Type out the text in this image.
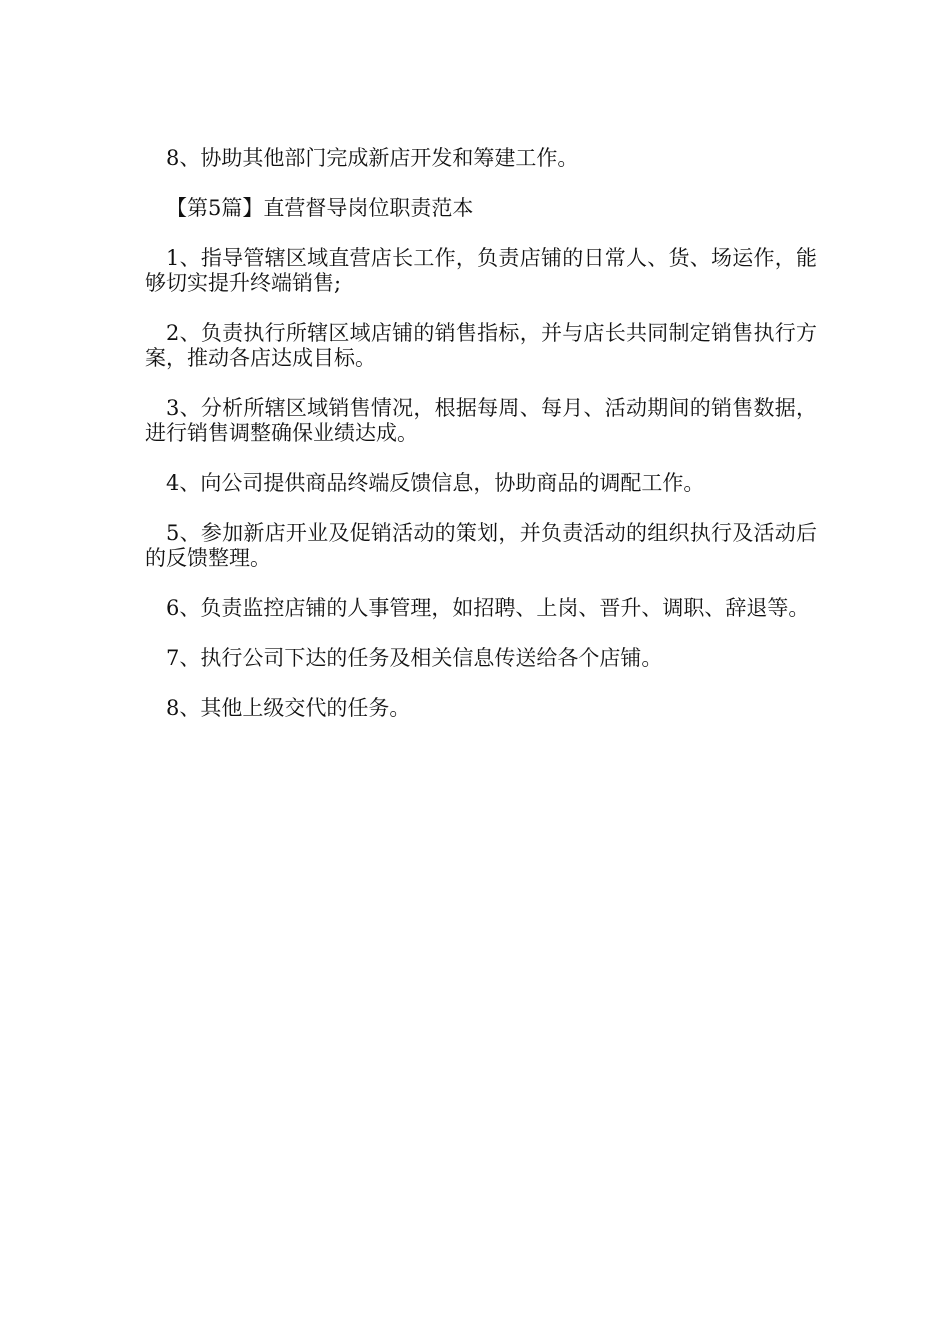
8、协助其他部门完成新店开发和筹建工作。

【第5篇】直营督导岗位职责范本

1、指导管辖区域直营店长工作，负责店铺的日常人、货、场运作，能够切实提升终端销售;

2、负责执行所辖区域店铺的销售指标，并与店长共同制定销售执行方案，推动各店达成目标。

3、分析所辖区域销售情况，根据每周、每月、活动期间的销售数据，进行销售调整确保业绩达成。

4、向公司提供商品终端反馈信息，协助商品的调配工作。

5、参加新店开业及促销活动的策划，并负责活动的组织执行及活动后的反馈整理。

6、负责监控店铺的人事管理，如招聘、上岗、晋升、调职、辞退等。

7、执行公司下达的任务及相关信息传送给各个店铺。

8、其他上级交代的任务。
